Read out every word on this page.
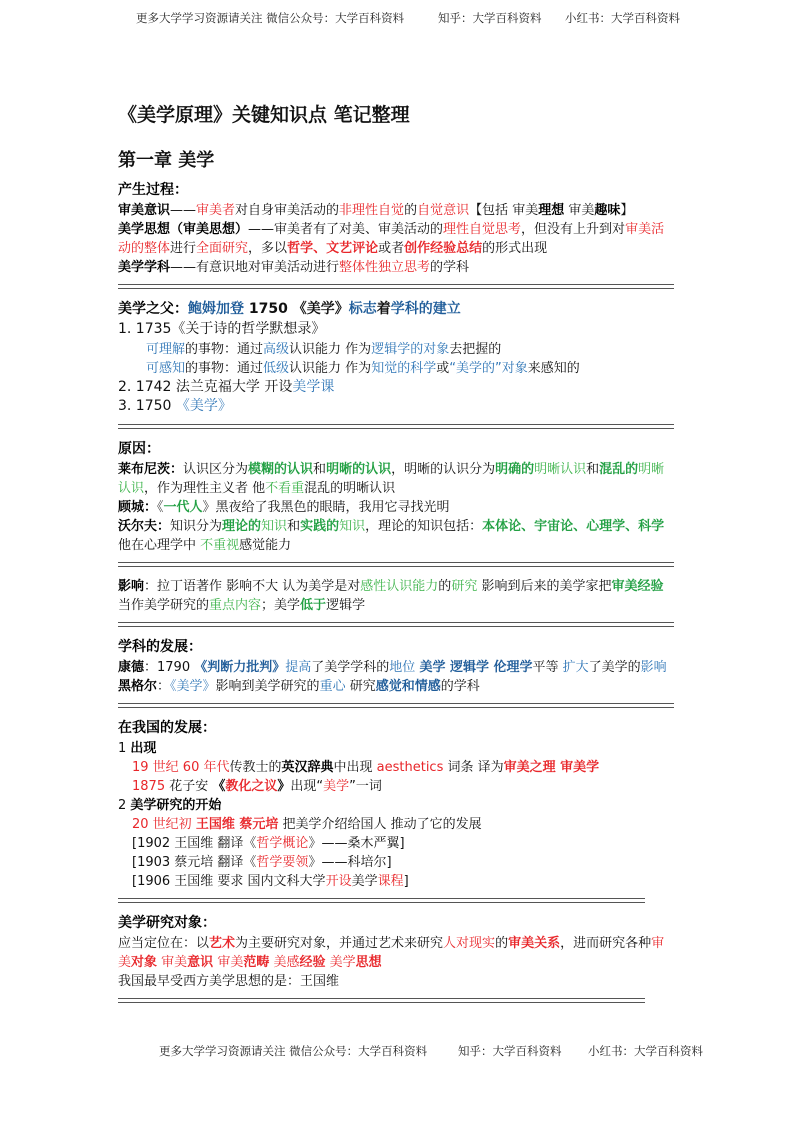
更多大学学习资源请关注 微信公众号：大学百科资料	知乎：大学百科资料 小红书：大学百科资料
《美学原理》关键知识点 笔记整理
第一章 美学
产生过程：
审美意识——审美者对自身审美活动的非理性自觉的自觉意识【包括 审美理想 审美趣味】
美学思想（审美思想）——审美者有了对美、审美活动的理性自觉思考，但没有上升到对审美活动的整体进行全面研究，多以哲学、文艺评论或者创作经验总结的形式出现
美学学科——有意识地对审美活动进行整体性独立思考的学科
美学之父：鲍姆加登 1750 《美学》标志着学科的建立
1. 1735《关于诗的哲学默想录》
可理解的事物：通过高级认识能力 作为逻辑学的对象去把握的
可感知的事物：通过低级认识能力 作为知觉的科学或“美学的”对象来感知的
2. 1742 法兰克福大学 开设美学课
3. 1750 《美学》
原因：
莱布尼茨：认识区分为模糊的认识和明晰的认识，明晰的认识分为明确的明晰认识和混乱的明晰认识，作为理性主义者 他不看重混乱的明晰认识
顾城：《一代人》黑夜给了我黑色的眼睛，我用它寻找光明
沃尔夫：知识分为理论的知识和实践的知识，理论的知识包括：本体论、宇宙论、心理学、科学 他在心理学中 不重视感觉能力
影响：拉丁语著作 影响不大 认为美学是对感性认识能力的研究 影响到后来的美学家把审美经验当作美学研究的重点内容；美学低于逻辑学
学科的发展：
康德：1790 《判断力批判》提高了美学学科的地位 美学 逻辑学 伦理学平等 扩大了美学的影响
黑格尔：《美学》影响到美学研究的重心 研究感觉和情感的学科
在我国的发展：
1 出现
19 世纪 60 年代传教士的英汉辞典中出现 aesthetics 词条 译为审美之理 审美学
1875 花子安 《教化之议》出现“美学”一词
2 美学研究的开始
20 世纪初 王国维 蔡元培 把美学介绍给国人 推动了它的发展
[1902 王国维 翻译《哲学概论》——桑木严翼]
[1903 蔡元培 翻译《哲学要领》——科培尔]
[1906 王国维 要求 国内文科大学开设美学课程]
美学研究对象：
应当定位在：以艺术为主要研究对象，并通过艺术来研究人对现实的审美关系，进而研究各种审美对象 审美意识 审美范畴 美感经验 美学思想
我国最早受西方美学思想的是：王国维
更多大学学习资源请关注 微信公众号：大学百科资料	知乎：大学百科资料 小红书：大学百科资料
